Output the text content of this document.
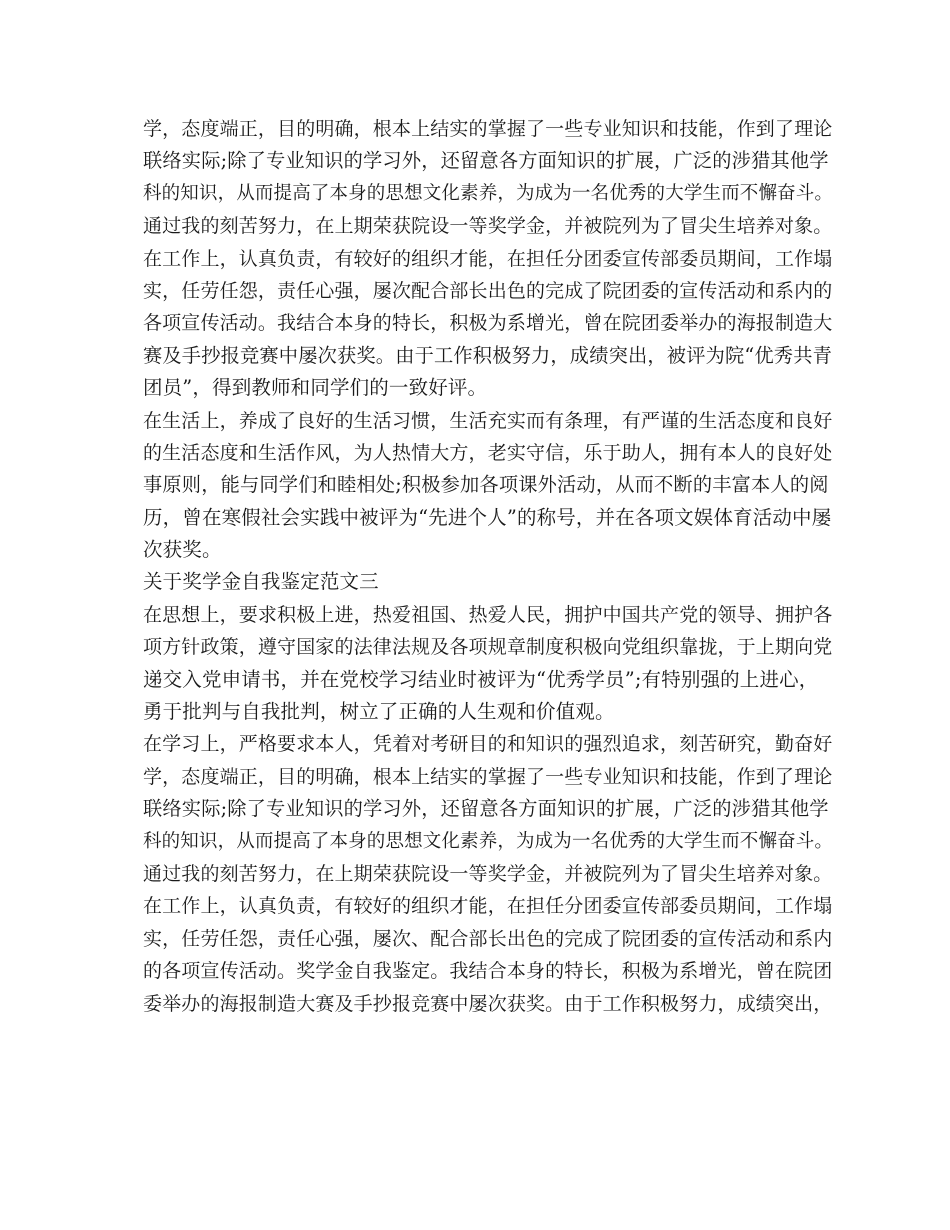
学，态度端正，目的明确，根本上结实的掌握了一些专业知识和技能，作到了理论
联络实际;除了专业知识的学习外，还留意各方面知识的扩展，广泛的涉猎其他学
科的知识，从而提高了本身的思想文化素养，为成为一名优秀的大学生而不懈奋斗。
通过我的刻苦努力，在上期荣获院设一等奖学金，并被院列为了冒尖生培养对象。
在工作上，认真负责，有较好的组织才能，在担任分团委宣传部委员期间，工作塌
实，任劳任怨，责任心强，屡次配合部长出色的完成了院团委的宣传活动和系内的
各项宣传活动。我结合本身的特长，积极为系增光，曾在院团委举办的海报制造大
赛及手抄报竞赛中屡次获奖。由于工作积极努力，成绩突出，被评为院“优秀共青
团员”，得到教师和同学们的一致好评。
在生活上，养成了良好的生活习惯，生活充实而有条理，有严谨的生活态度和良好
的生活态度和生活作风，为人热情大方，老实守信，乐于助人，拥有本人的良好处
事原则，能与同学们和睦相处;积极参加各项课外活动，从而不断的丰富本人的阅
历，曾在寒假社会实践中被评为“先进个人”的称号，并在各项文娱体育活动中屡
次获奖。
关于奖学金自我鉴定范文三
在思想上，要求积极上进，热爱祖国、热爱人民，拥护中国共产党的领导、拥护各
项方针政策，遵守国家的法律法规及各项规章制度积极向党组织靠拢，于上期向党
递交入党申请书，并在党校学习结业时被评为“优秀学员”;有特别强的上进心，
勇于批判与自我批判，树立了正确的人生观和价值观。
在学习上，严格要求本人，凭着对考研目的和知识的强烈追求，刻苦研究，勤奋好
学，态度端正，目的明确，根本上结实的掌握了一些专业知识和技能，作到了理论
联络实际;除了专业知识的学习外，还留意各方面知识的扩展，广泛的涉猎其他学
科的知识，从而提高了本身的思想文化素养，为成为一名优秀的大学生而不懈奋斗。
通过我的刻苦努力，在上期荣获院设一等奖学金，并被院列为了冒尖生培养对象。
在工作上，认真负责，有较好的组织才能，在担任分团委宣传部委员期间，工作塌
实，任劳任怨，责任心强，屡次、配合部长出色的完成了院团委的宣传活动和系内
的各项宣传活动。奖学金自我鉴定。我结合本身的特长，积极为系增光，曾在院团
委举办的海报制造大赛及手抄报竞赛中屡次获奖。由于工作积极努力，成绩突出，
